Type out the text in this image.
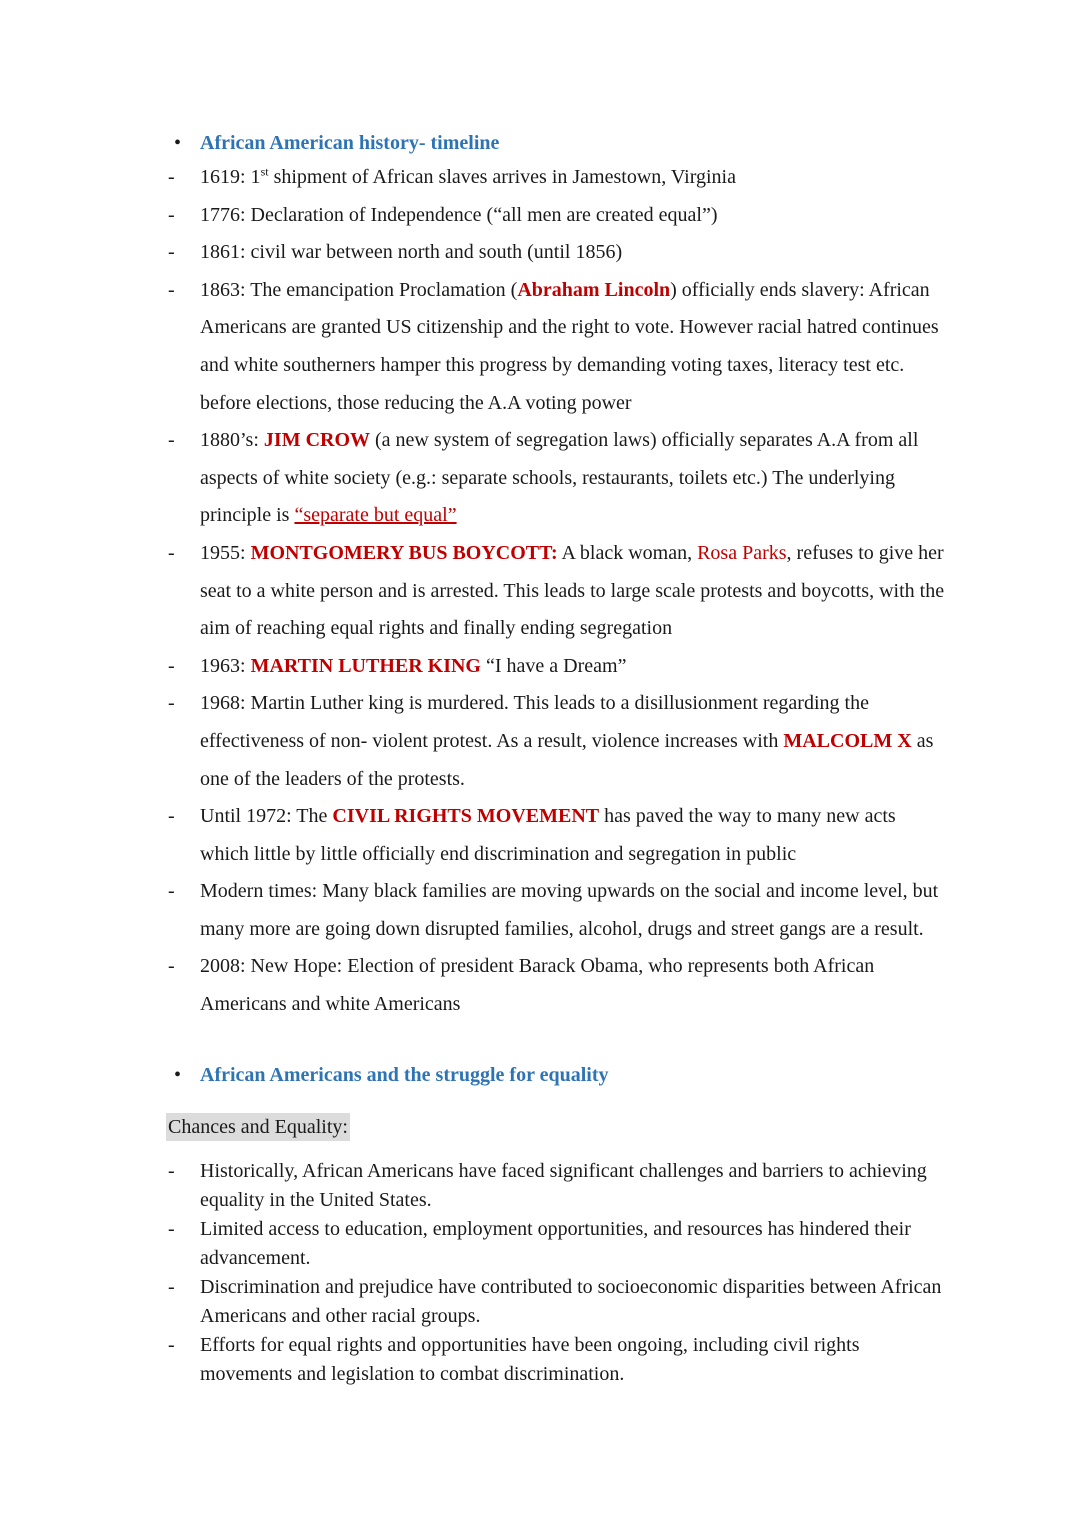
• African American history- timeline
- 1619: 1st shipment of African slaves arrives in Jamestown, Virginia
- 1776: Declaration of Independence (“all men are created equal”)
- 1861: civil war between north and south (until 1856)
- 1863: The emancipation Proclamation (Abraham Lincoln) officially ends slavery: African Americans are granted US citizenship and the right to vote. However racial hatred continues and white southerners hamper this progress by demanding voting taxes, literacy test etc. before elections, those reducing the A.A voting power
- 1880’s: JIM CROW (a new system of segregation laws) officially separates A.A from all aspects of white society (e.g.: separate schools, restaurants, toilets etc.) The underlying principle is “separate but equal”
- 1955: MONTGOMERY BUS BOYCOTT: A black woman, Rosa Parks, refuses to give her seat to a white person and is arrested. This leads to large scale protests and boycotts, with the aim of reaching equal rights and finally ending segregation
- 1963: MARTIN LUTHER KING “I have a Dream”
- 1968: Martin Luther king is murdered. This leads to a disillusionment regarding the effectiveness of non- violent protest. As a result, violence increases with MALCOLM X as one of the leaders of the protests.
- Until 1972: The CIVIL RIGHTS MOVEMENT has paved the way to many new acts which little by little officially end discrimination and segregation in public
- Modern times: Many black families are moving upwards on the social and income level, but many more are going down disrupted families, alcohol, drugs and street gangs are a result.
- 2008: New Hope: Election of president Barack Obama, who represents both African Americans and white Americans
• African Americans and the struggle for equality
Chances and Equality:
- Historically, African Americans have faced significant challenges and barriers to achieving equality in the United States.
- Limited access to education, employment opportunities, and resources has hindered their advancement.
- Discrimination and prejudice have contributed to socioeconomic disparities between African Americans and other racial groups.
- Efforts for equal rights and opportunities have been ongoing, including civil rights movements and legislation to combat discrimination.
